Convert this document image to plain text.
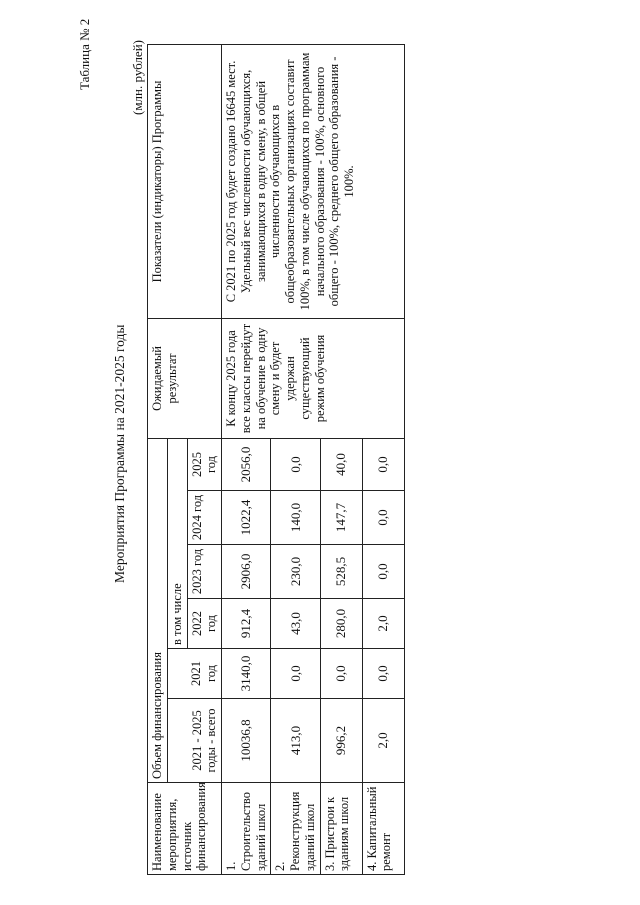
Таблица № 2
Мероприятия Программы на 2021-2025 годы
(млн. рублей)
Наименование мероприятия, источник финансирования	Объем финансирования						Ожидаемый результат	Показатели (индикаторы) Программы
	2021 - 2025 годы - всего		в том числе					
		2021 год	2022 год	2023 год	2024 год	2025 год		
1. Строительство зданий школ	10036,8	3140,0	912,4	2906,0	1022,4	2056,0	К концу 2025 года все классы перейдут на обучение в одну смену и будет удержан существующий режим обучения	С 2021 по 2025 год будет создано 16645 мест. Удельный вес численности обучающихся, занимающихся в одну смену, в общей численности обучающихся в общеобразовательных организациях составит 100%, в том числе обучающихся по программам начального образования - 100%, основного общего - 100%, среднего общего образования - 100%.
2. Реконструкция зданий школ	413,0	0,0	43,0	230,0	140,0	0,0		
3. Пристрои к зданиям школ	996,2	0,0	280,0	528,5	147,7	40,0		
4. Капитальный ремонт	2,0	0,0	2,0	0,0	0,0	0,0		
